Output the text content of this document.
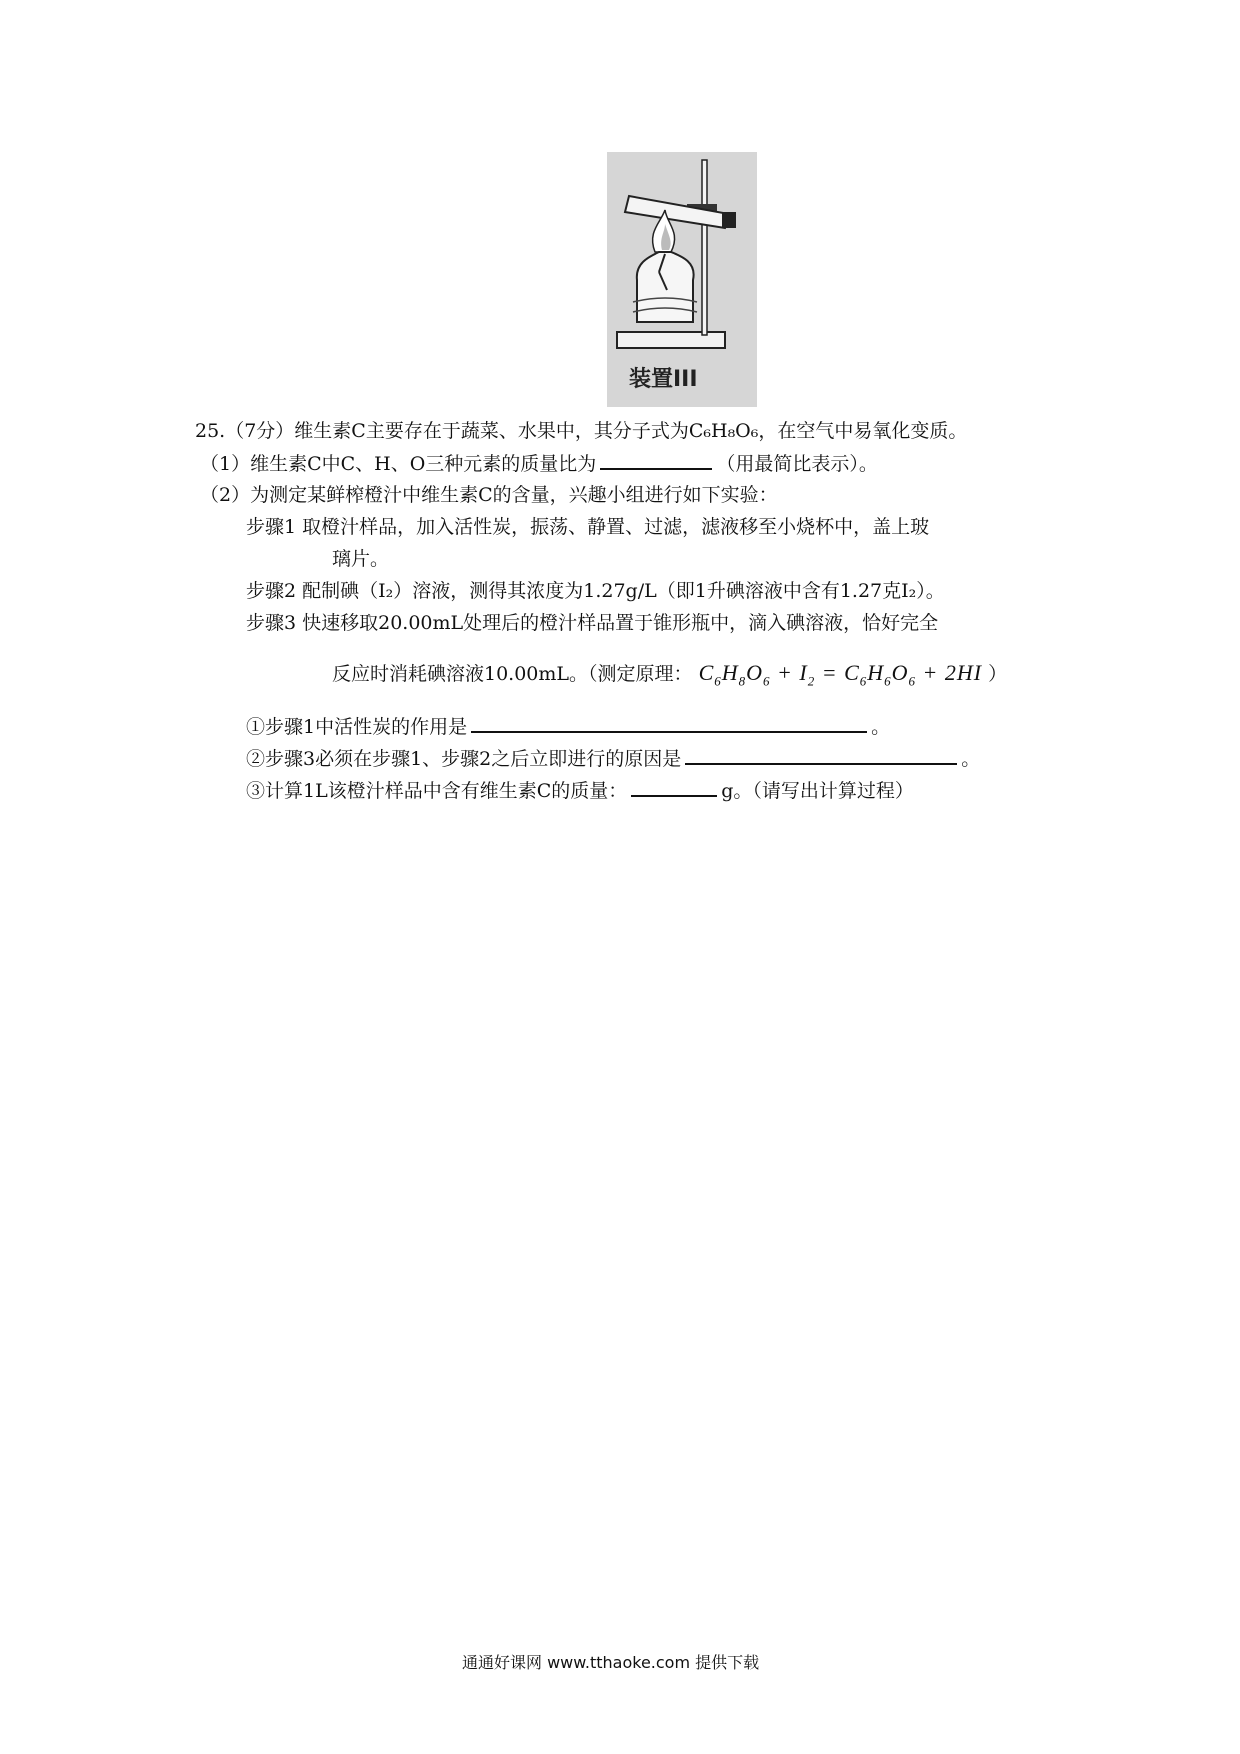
装置III
25.（7分）维生素C主要存在于蔬菜、水果中，其分子式为C₆H₈O₆，在空气中易氧化变质。
（1）维生素C中C、H、O三种元素的质量比为	（用最简比表示）。
（2）为测定某鲜榨橙汁中维生素C的含量，兴趣小组进行如下实验：
步骤1 取橙汁样品，加入活性炭，振荡、静置、过滤，滤液移至小烧杯中，盖上玻
璃片。
步骤2 配制碘（I₂）溶液，测得其浓度为1.27g/L（即1升碘溶液中含有1.27克I₂）。
步骤3 快速移取20.00mL处理后的橙汁样品置于锥形瓶中，滴入碘溶液，恰好完全
反应时消耗碘溶液10.00mL。（测定原理： $C_6H_8O_6 + I_2 = C_6H_6O_6 + 2HI$ ）
①步骤1中活性炭的作用是	。
②步骤3必须在步骤1、步骤2之后立即进行的原因是	。
③计算1L该橙汁样品中含有维生素C的质量：	g。（请写出计算过程）
通通好课网 www.tthaoke.com 提供下载
